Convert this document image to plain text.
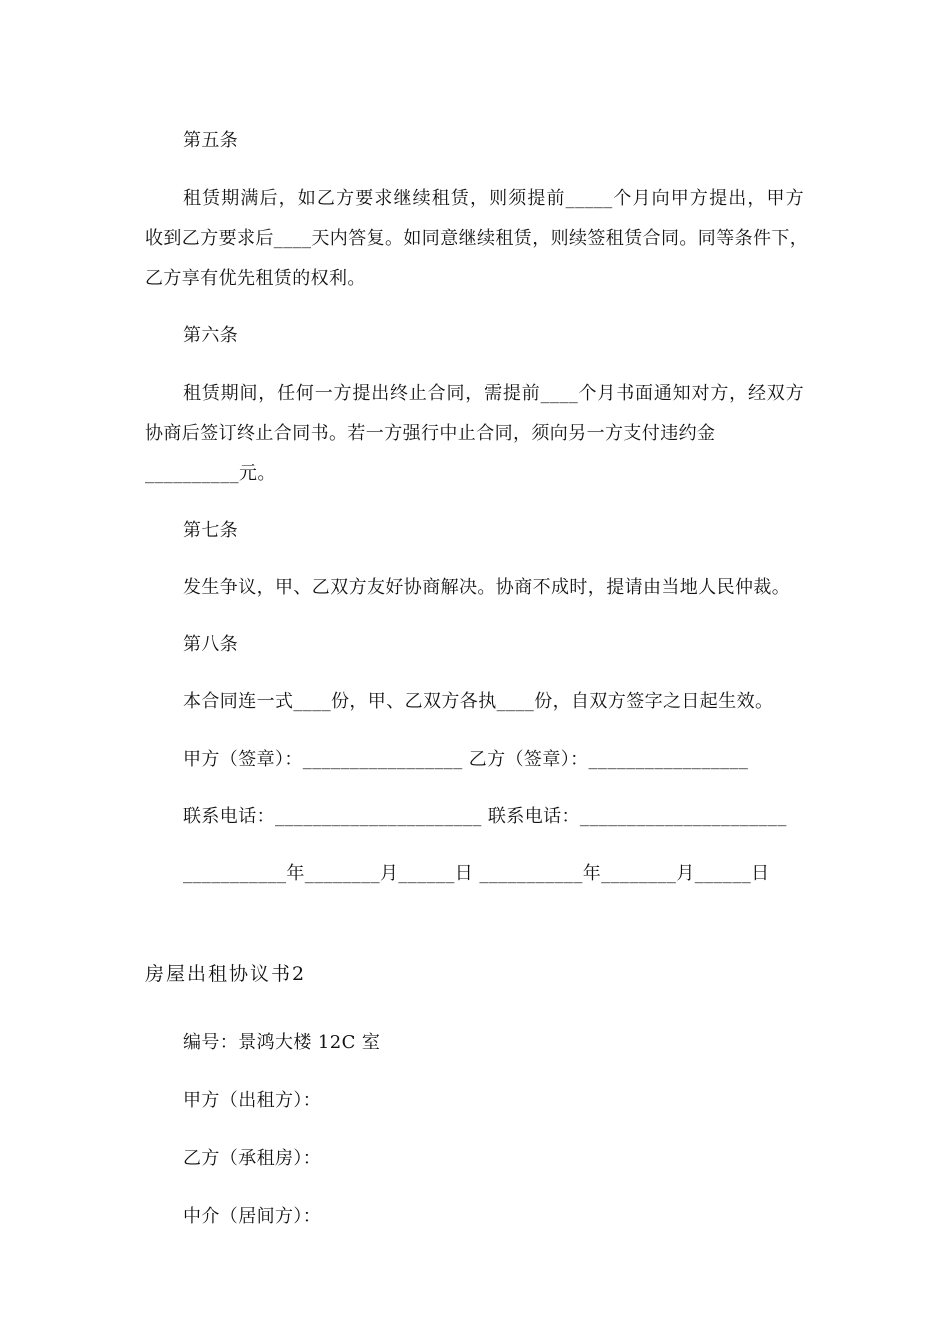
第五条
租赁期满后，如乙方要求继续租赁，则须提前_____个月向甲方提出，甲方
收到乙方要求后____天内答复。如同意继续租赁，则续签租赁合同。同等条件下，
乙方享有优先租赁的权利。
第六条
租赁期间，任何一方提出终止合同，需提前____个月书面通知对方，经双方
协商后签订终止合同书。若一方强行中止合同，须向另一方支付违约金
__________元。
第七条
发生争议，甲、乙双方友好协商解决。协商不成时，提请由当地人民仲裁。
第八条
本合同连一式____份，甲、乙双方各执____份，自双方签字之日起生效。
甲方（签章）：_________________ 乙方（签章）：_________________
联系电话：______________________ 联系电话：______________________
___________年________月______日 ___________年________月______日
房屋出租协议书2
编号：景鸿大楼 12C 室
甲方（出租方）：
乙方（承租房）：
中介（居间方）：
